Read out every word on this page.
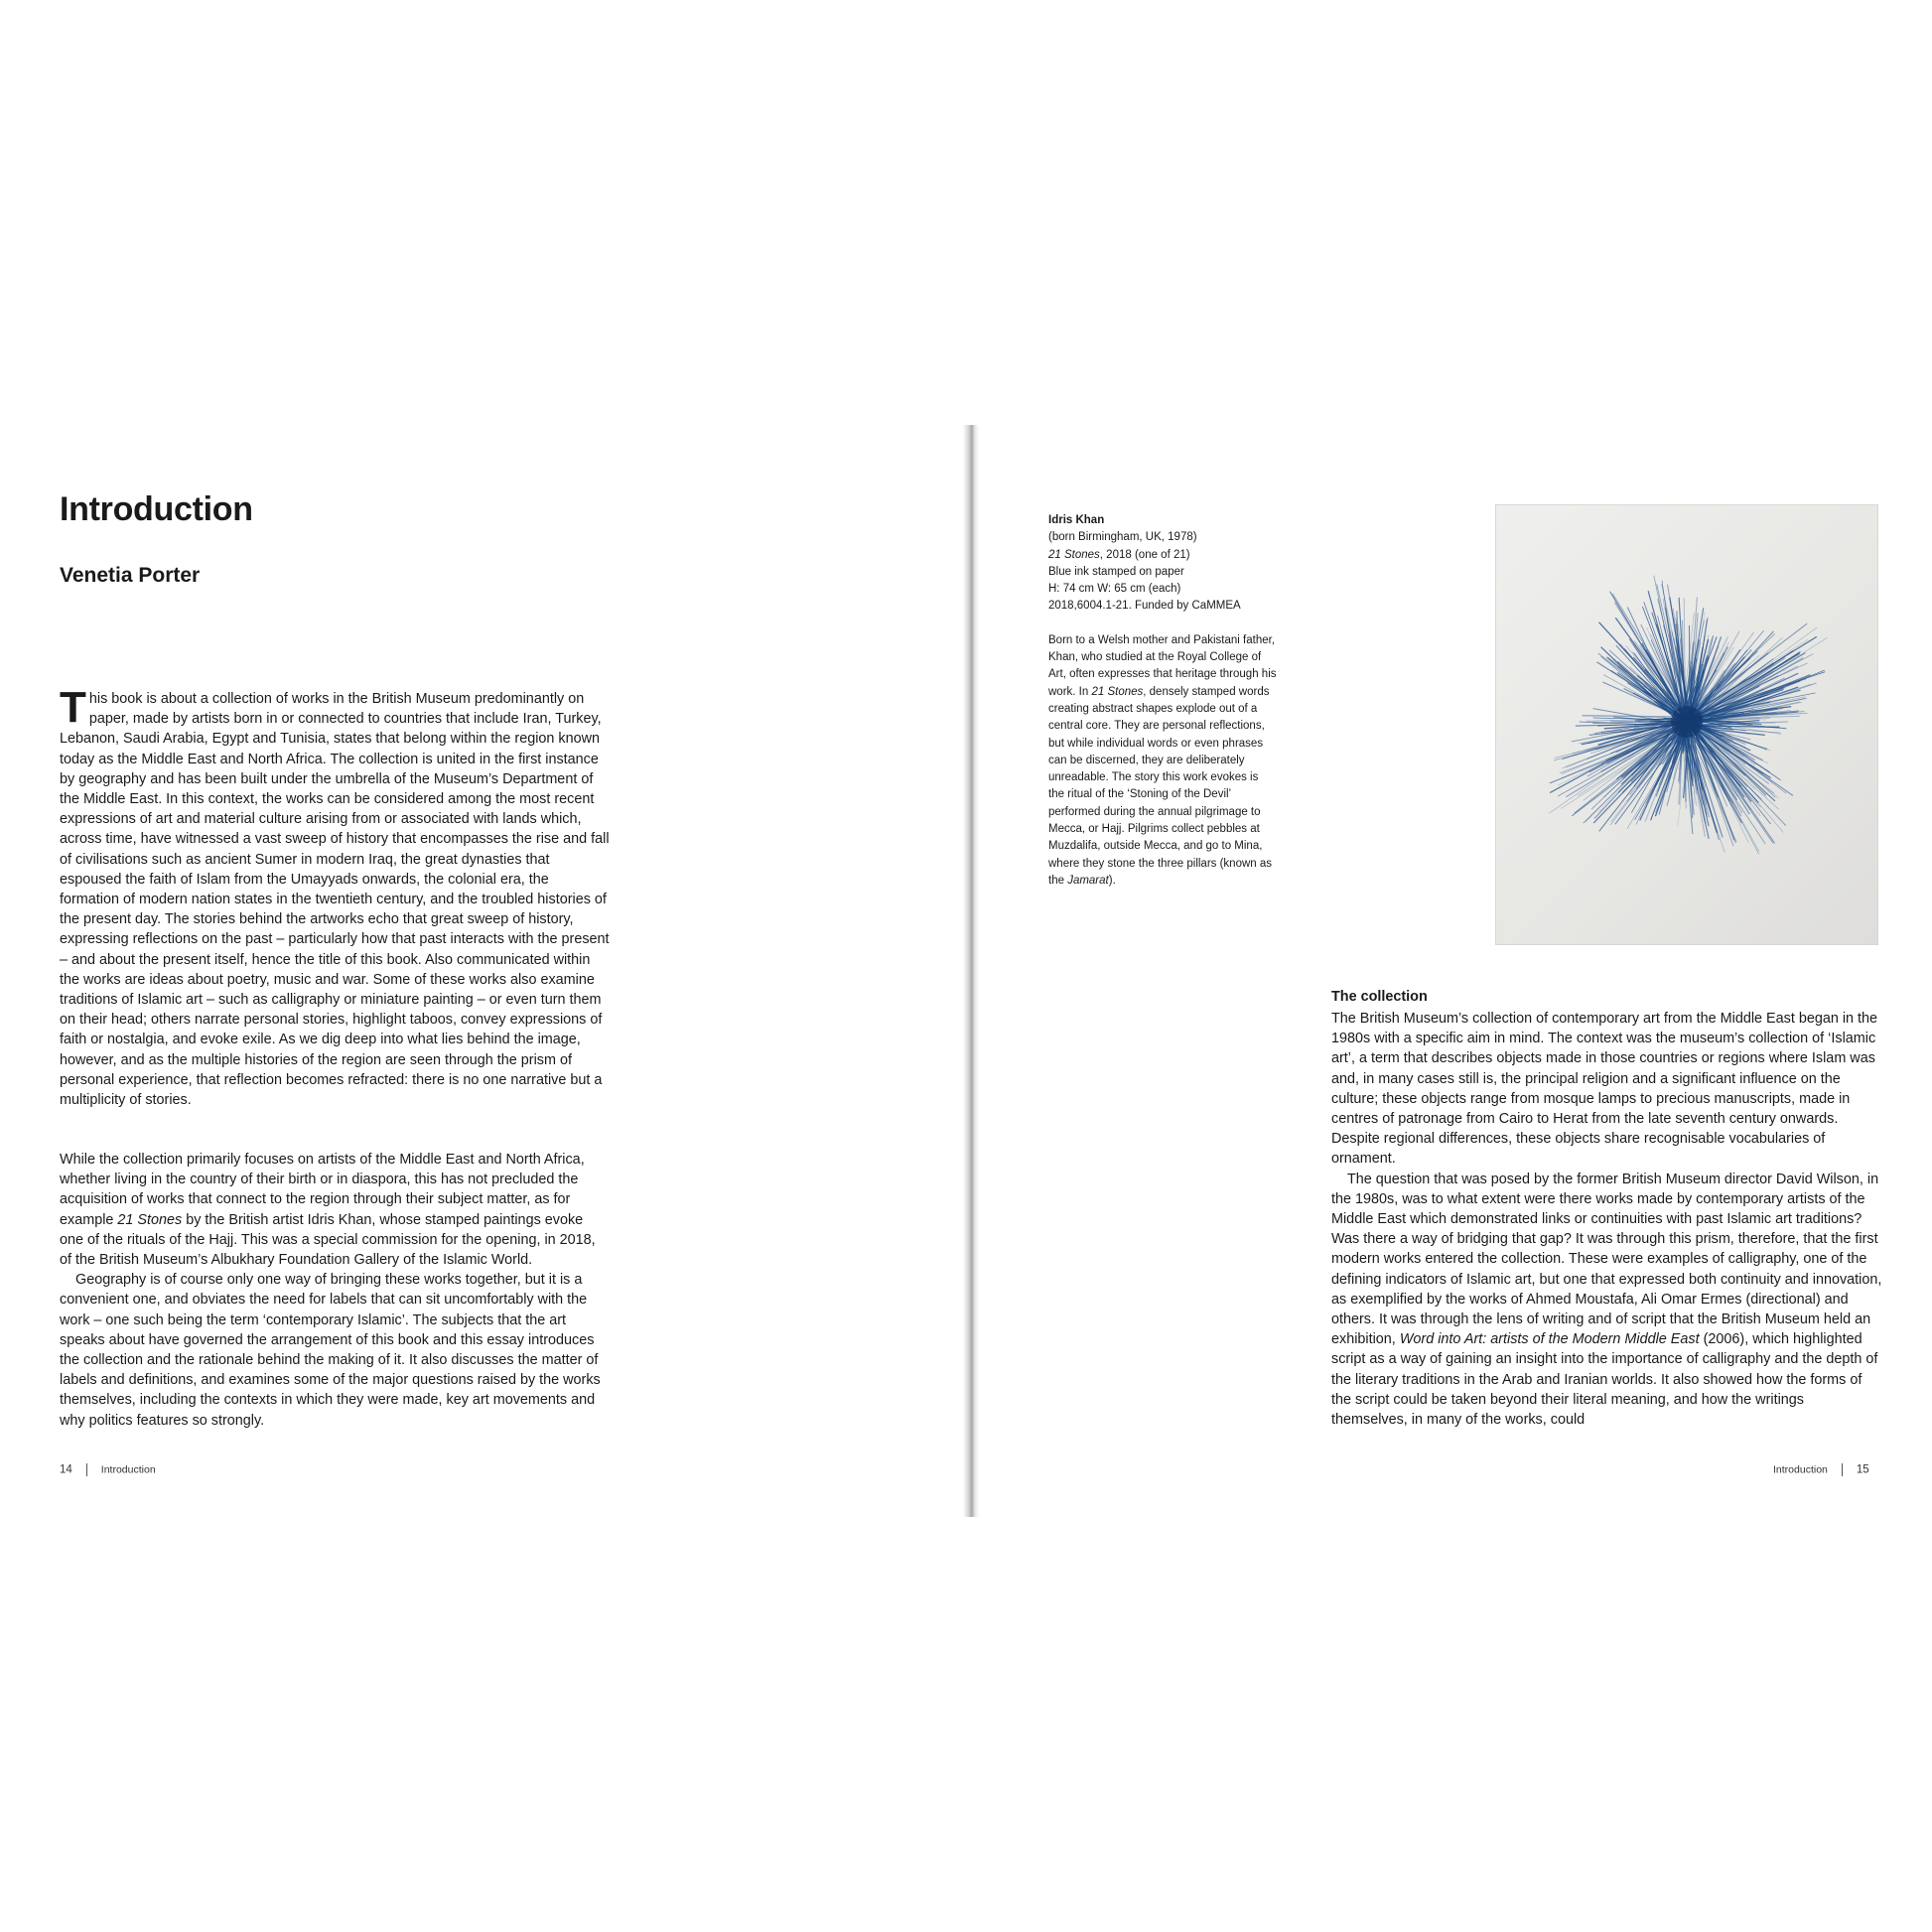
Introduction
Venetia Porter

This book is about a collection of works in the British Museum predominantly on paper, made by artists born in or connected to countries that include Iran, Turkey, Lebanon, Saudi Arabia, Egypt and Tunisia, states that belong within the region known today as the Middle East and North Africa. The collection is united in the first instance by geography and has been built under the umbrella of the Museum’s Department of the Middle East. In this context, the works can be considered among the most recent expressions of art and material culture arising from or associated with lands which, across time, have witnessed a vast sweep of history that encompasses the rise and fall of civilisations such as ancient Sumer in modern Iraq, the great dynasties that espoused the faith of Islam from the Umayyads onwards, the colonial era, the formation of modern nation states in the twentieth century, and the troubled histories of the present day. The stories behind the artworks echo that great sweep of history, expressing reflections on the past – particularly how that past interacts with the present – and about the present itself, hence the title of this book. Also communicated within the works are ideas about poetry, music and war. Some of these works also examine traditions of Islamic art – such as calligraphy or miniature painting – or even turn them on their head; others narrate personal stories, highlight taboos, convey expressions of faith or nostalgia, and evoke exile. As we dig deep into what lies behind the image, however, and as the multiple histories of the region are seen through the prism of personal experience, that reflection becomes refracted: there is no one narrative but a multiplicity of stories.

While the collection primarily focuses on artists of the Middle East and North Africa, whether living in the country of their birth or in diaspora, this has not precluded the acquisition of works that connect to the region through their subject matter, as for example 21 Stones by the British artist Idris Khan, whose stamped paintings evoke one of the rituals of the Hajj. This was a special commission for the opening, in 2018, of the British Museum’s Albukhary Foundation Gallery of the Islamic World.
Geography is of course only one way of bringing these works together, but it is a convenient one, and obviates the need for labels that can sit uncomfortably with the work – one such being the term ‘contemporary Islamic’. The subjects that the art speaks about have governed the arrangement of this book and this essay introduces the collection and the rationale behind the making of it. It also discusses the matter of labels and definitions, and examines some of the major questions raised by the works themselves, including the contexts in which they were made, key art movements and why politics features so strongly.

14	Introduction
Idris Khan
(born Birmingham, UK, 1978)
21 Stones, 2018 (one of 21)
Blue ink stamped on paper
H: 74 cm W: 65 cm (each)
2018,6004.1-21. Funded by CaMMEA
Born to a Welsh mother and Pakistani father, Khan, who studied at the Royal College of Art, often expresses that heritage through his work. In 21 Stones, densely stamped words creating abstract shapes explode out of a central core. They are personal reflections, but while individual words or even phrases can be discerned, they are deliberately unreadable. The story this work evokes is the ritual of the ‘Stoning of the Devil’ performed during the annual pilgrimage to Mecca, or Hajj. Pilgrims collect pebbles at Muzdalifa, outside Mecca, and go to Mina, where they stone the three pillars (known as the Jamarat).
The collection

The British Museum’s collection of contemporary art from the Middle East began in the 1980s with a specific aim in mind. The context was the museum’s collection of ‘Islamic art’, a term that describes objects made in those countries or regions where Islam was and, in many cases still is, the principal religion and a significant influence on the culture; these objects range from mosque lamps to precious manuscripts, made in centres of patronage from Cairo to Herat from the late seventh century onwards. Despite regional differences, these objects share recognisable vocabularies of ornament.
The question that was posed by the former British Museum director David Wilson, in the 1980s, was to what extent were there works made by contemporary artists of the Middle East which demonstrated links or continuities with past Islamic art traditions? Was there a way of bridging that gap? It was through this prism, therefore, that the first modern works entered the collection. These were examples of calligraphy, one of the defining indicators of Islamic art, but one that expressed both continuity and innovation, as exemplified by the works of Ahmed Moustafa, Ali Omar Ermes (directional) and others. It was through the lens of writing and of script that the British Museum held an exhibition, Word into Art: artists of the Modern Middle East (2006), which highlighted script as a way of gaining an insight into the importance of calligraphy and the depth of the literary traditions in the Arab and Iranian worlds. It also showed how the forms of the script could be taken beyond their literal meaning, and how the writings themselves, in many of the works, could

Introduction	15
